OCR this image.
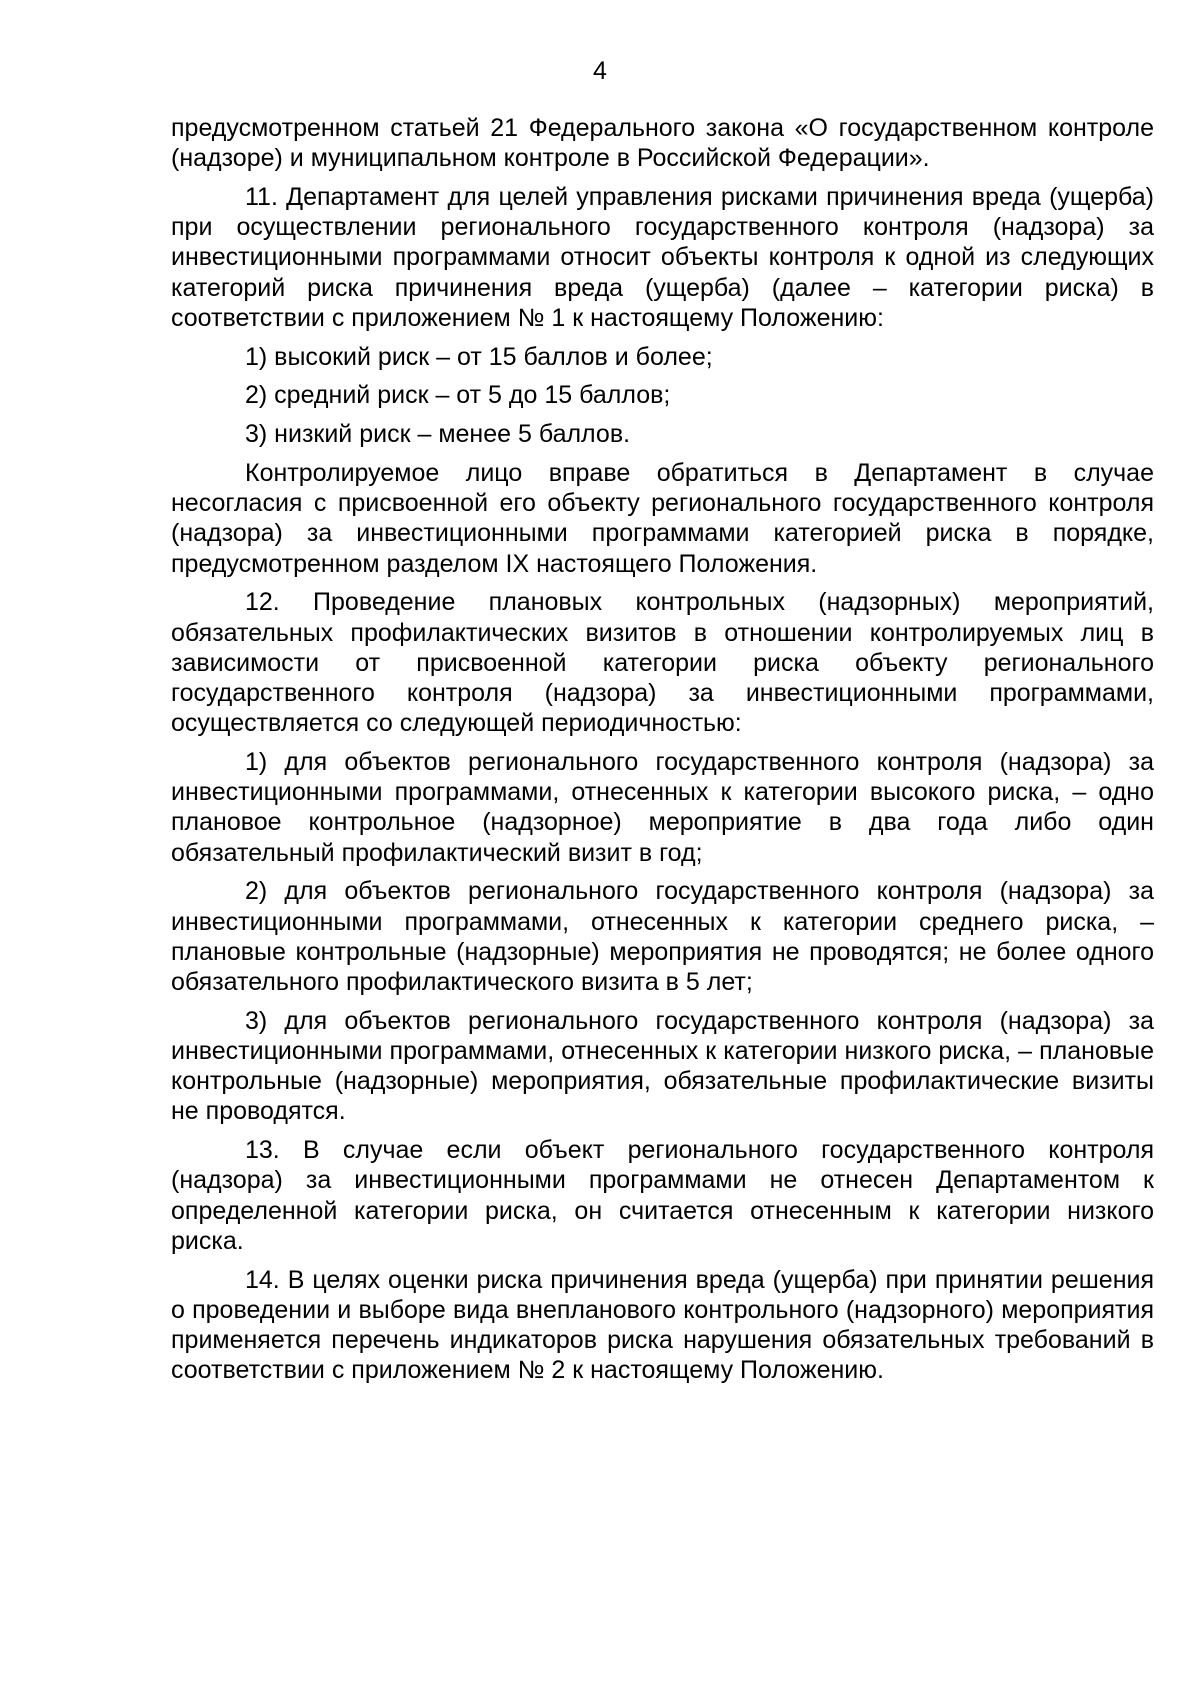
4

предусмотренном статьей 21 Федерального закона «О государственном контроле (надзоре) и муниципальном контроле в Российской Федерации».

11. Департамент для целей управления рисками причинения вреда (ущерба) при осуществлении регионального государственного контроля (надзора) за инвестиционными программами относит объекты контроля к одной из следующих категорий риска причинения вреда (ущерба) (далее – категории риска) в соответствии с приложением № 1 к настоящему Положению:

1) высокий риск – от 15 баллов и более;

2) средний риск – от 5 до 15 баллов;

3) низкий риск – менее 5 баллов.

Контролируемое лицо вправе обратиться в Департамент в случае несогласия с присвоенной его объекту регионального государственного контроля (надзора) за инвестиционными программами категорией риска в порядке, предусмотренном разделом IX настоящего Положения.

12. Проведение плановых контрольных (надзорных) мероприятий, обязательных профилактических визитов в отношении контролируемых лиц в зависимости от присвоенной категории риска объекту регионального государственного контроля (надзора) за инвестиционными программами, осуществляется со следующей периодичностью:

1) для объектов регионального государственного контроля (надзора) за инвестиционными программами, отнесенных к категории высокого риска, – одно плановое контрольное (надзорное) мероприятие в два года либо один обязательный профилактический визит в год;

2) для объектов регионального государственного контроля (надзора) за инвестиционными программами, отнесенных к категории среднего риска, – плановые контрольные (надзорные) мероприятия не проводятся; не более одного обязательного профилактического визита в 5 лет;

3) для объектов регионального государственного контроля (надзора) за инвестиционными программами, отнесенных к категории низкого риска, – плановые контрольные (надзорные) мероприятия, обязательные профилактические визиты не проводятся.

13. В случае если объект регионального государственного контроля (надзора) за инвестиционными программами не отнесен Департаментом к определенной категории риска, он считается отнесенным к категории низкого риска.

14. В целях оценки риска причинения вреда (ущерба) при принятии решения о проведении и выборе вида внепланового контрольного (надзорного) мероприятия применяется перечень индикаторов риска нарушения обязательных требований в соответствии с приложением № 2 к настоящему Положению.
